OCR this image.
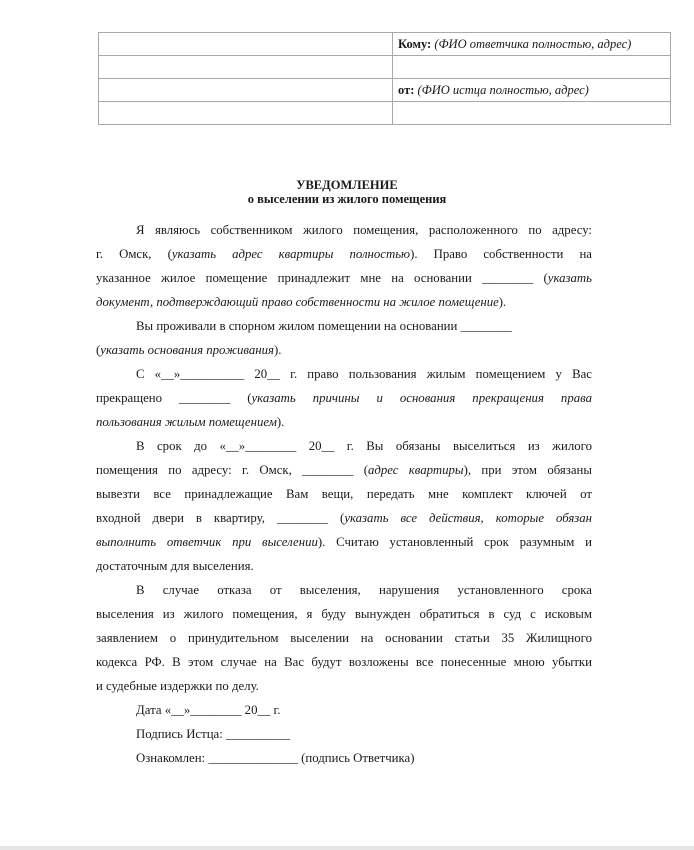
	Кому: (ФИО ответчика полностью, адрес)

	от: (ФИО истца полностью, адрес)

УВЕДОМЛЕНИЕ
о выселении из жилого помещения
Я являюсь собственником жилого помещения, расположенного по адресу:
г. Омск, (указать адрес квартиры полностью). Право собственности на
указанное жилое помещение принадлежит мне на основании ________ (указать
документ, подтверждающий право собственности на жилое помещение).
Вы проживали в спорном жилом помещении на основании ________
(указать основания проживания).
С «__»__________ 20__ г. право пользования жилым помещением у Вас
прекращено ________ (указать причины и основания прекращения права
пользования жилым помещением).
В срок до «__»________ 20__ г. Вы обязаны выселиться из жилого
помещения по адресу: г. Омск, ________ (адрес квартиры), при этом обязаны
вывезти все принадлежащие Вам вещи, передать мне комплект ключей от
входной двери в квартиру, ________ (указать все действия, которые обязан
выполнить ответчик при выселении). Считаю установленный срок разумным и
достаточным для выселения.
В случае отказа от выселения, нарушения установленного срока
выселения из жилого помещения, я буду вынужден обратиться в суд с исковым
заявлением о принудительном выселении на основании статьи 35 Жилищного
кодекса РФ. В этом случае на Вас будут возложены все понесенные мною убытки
и судебные издержки по делу.
Дата «__»________ 20__ г.
Подпись Истца: __________
Ознакомлен: ______________ (подпись Ответчика)
